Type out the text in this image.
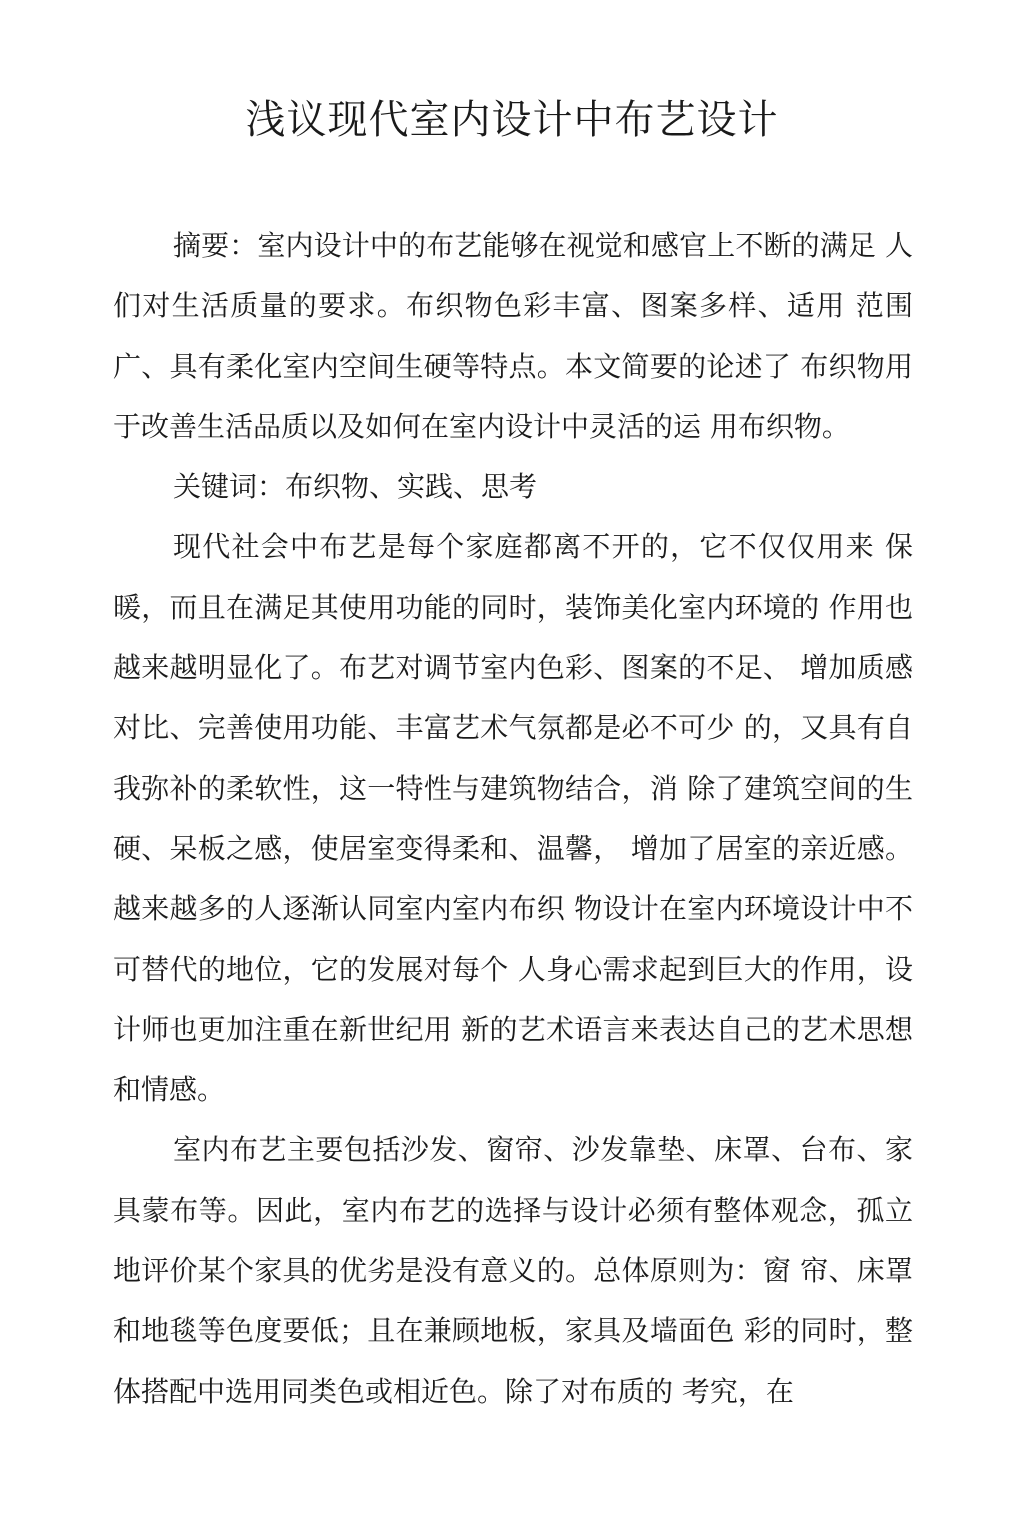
浅议现代室内设计中布艺设计

摘要：室内设计中的布艺能够在视觉和感官上不断的满足 人们对生活质量的要求。布织物色彩丰富、图案多样、适用 范围广、具有柔化室内空间生硬等特点。本文简要的论述了 布织物用于改善生活品质以及如何在室内设计中灵活的运 用布织物。

关键词：布织物、实践、思考

现代社会中布艺是每个家庭都离不开的，它不仅仅用来 保暖，而且在满足其使用功能的同时，装饰美化室内环境的 作用也越来越明显化了。布艺对调节室内色彩、图案的不足、 增加质感对比、完善使用功能、丰富艺术气氛都是必不可少 的，又具有自我弥补的柔软性，这一特性与建筑物结合，消 除了建筑空间的生硬、呆板之感，使居室变得柔和、温馨， 增加了居室的亲近感。越来越多的人逐渐认同室内室内布织 物设计在室内环境设计中不可替代的地位，它的发展对每个 人身心需求起到巨大的作用，设计师也更加注重在新世纪用 新的艺术语言来表达自己的艺术思想和情感。

室内布艺主要包括沙发、窗帘、沙发靠垫、床罩、台布、家具蒙布等。因此，室内布艺的选择与设计必须有整体观念，孤立地评价某个家具的优劣是没有意义的。总体原则为：窗 帘、床罩和地毯等色度要低；且在兼顾地板，家具及墙面色 彩的同时，整体搭配中选用同类色或相近色。除了对布质的 考究，在
